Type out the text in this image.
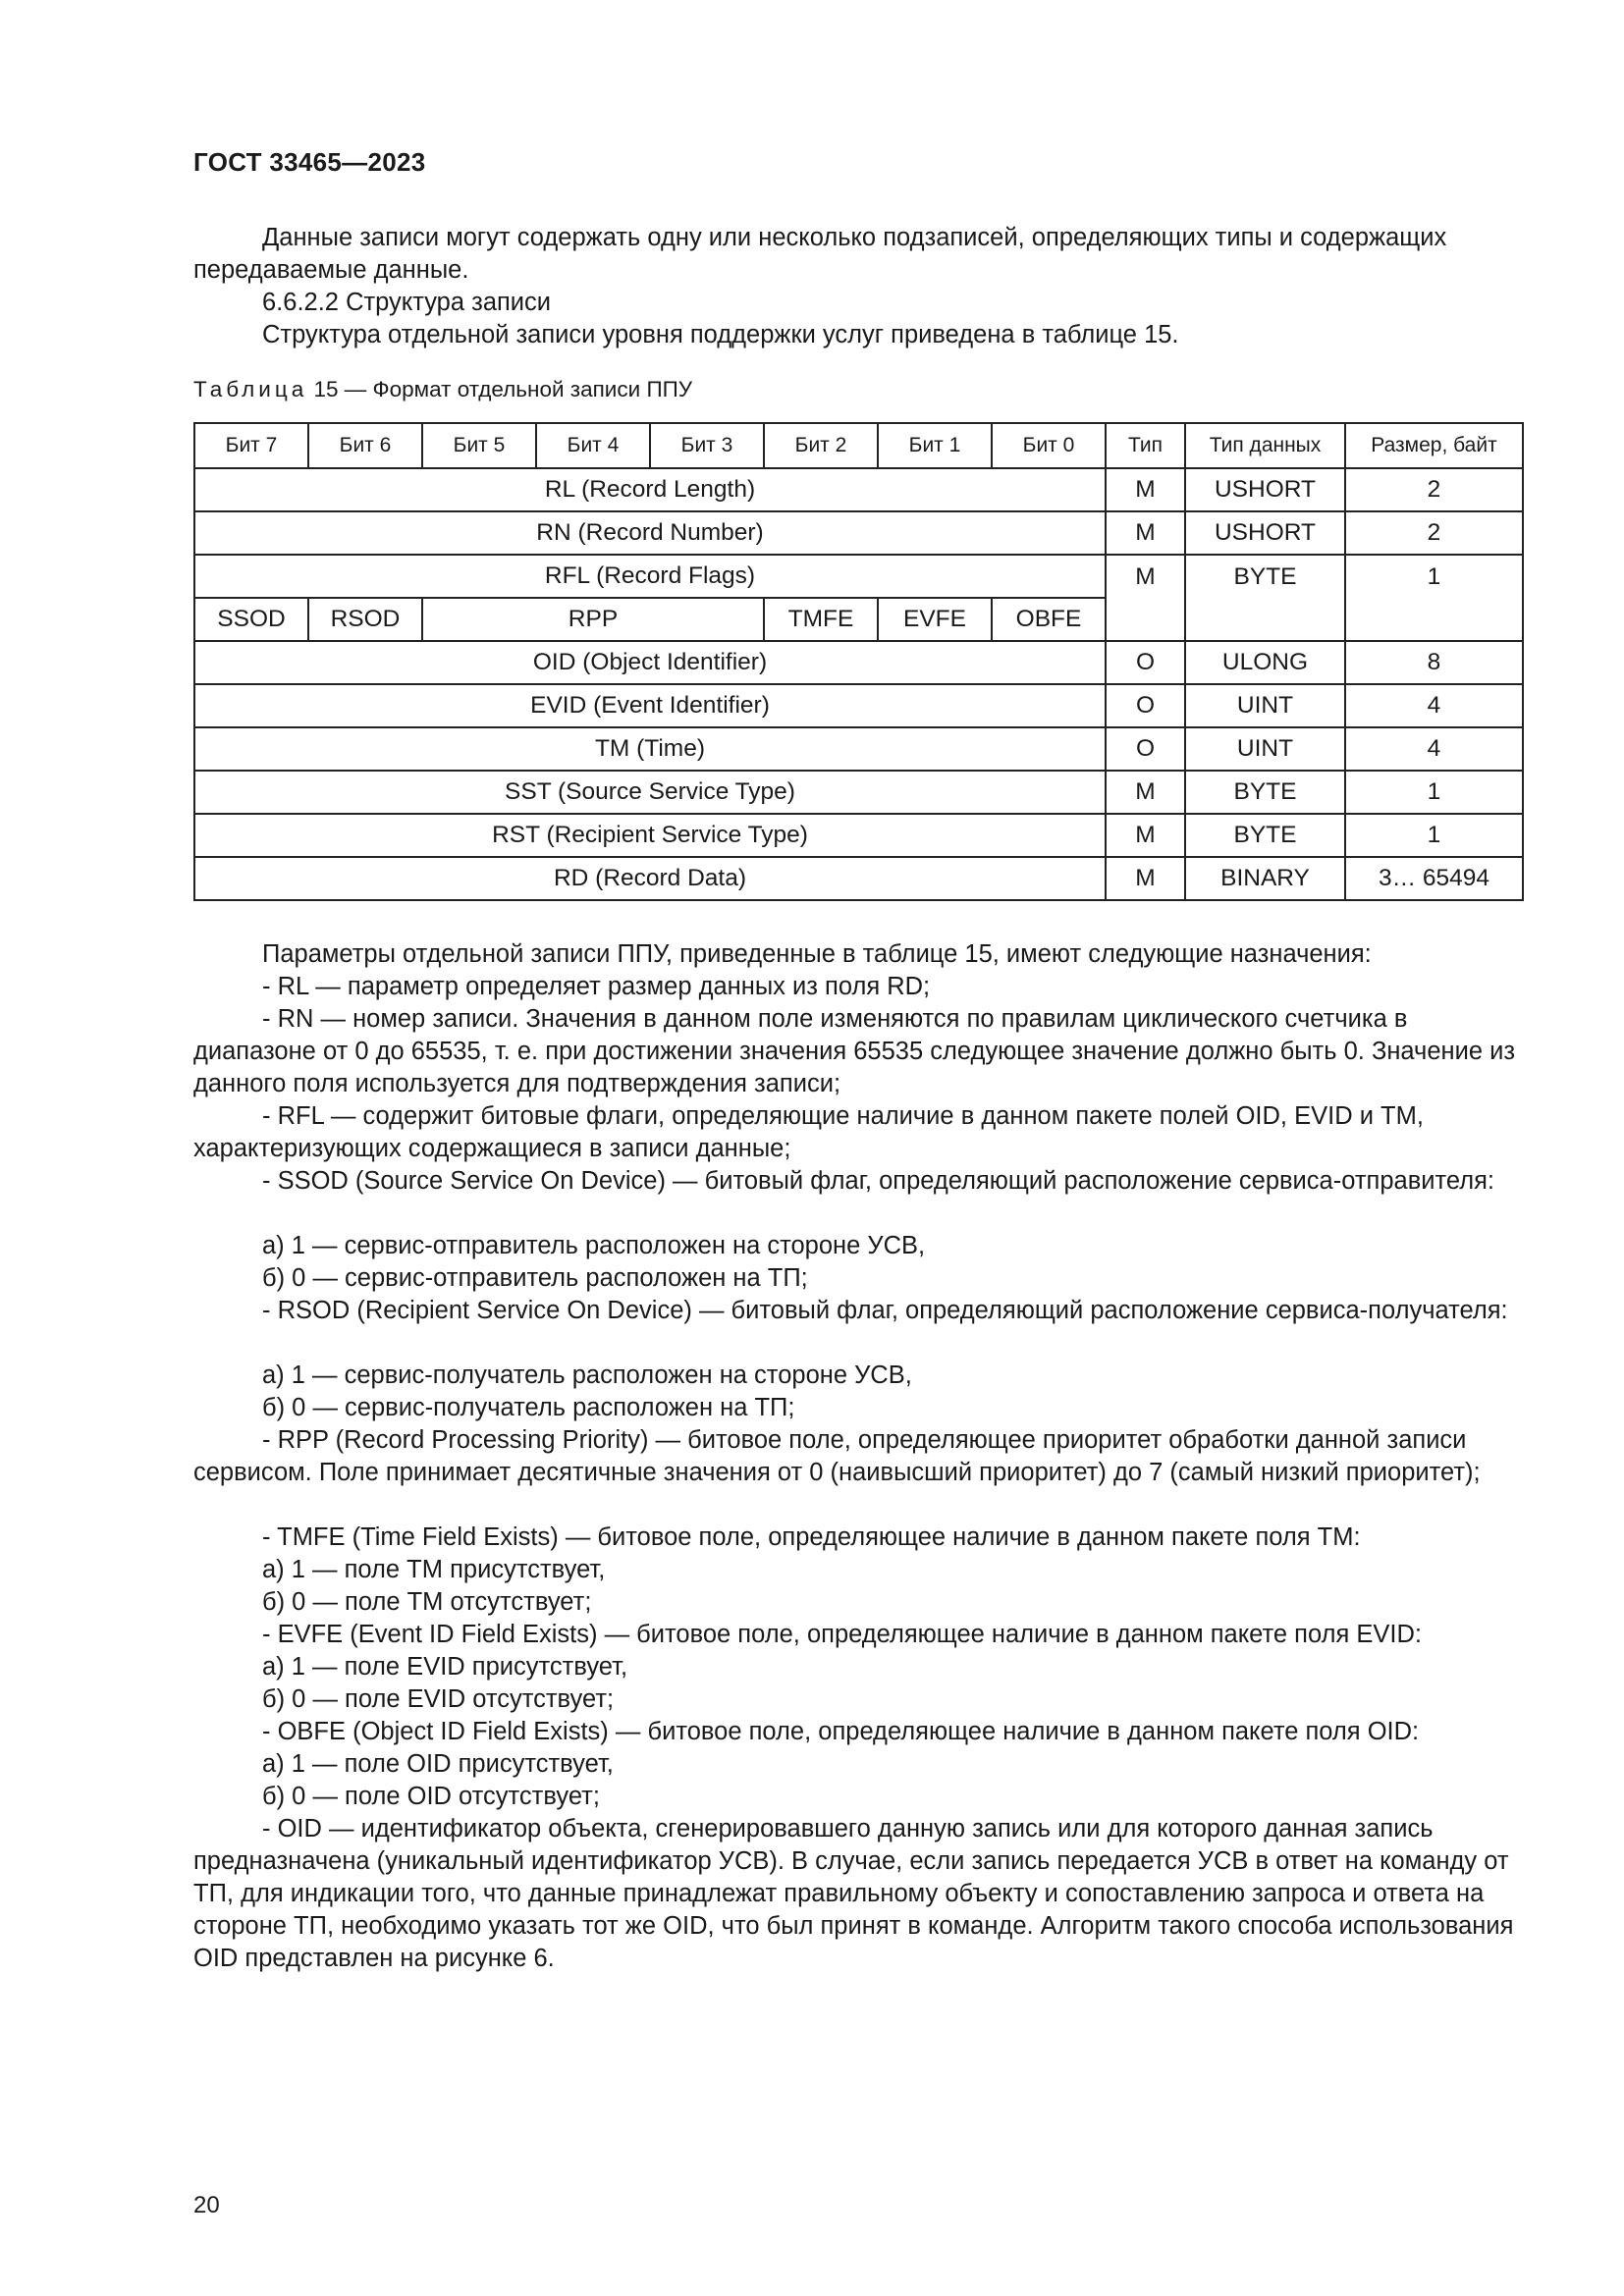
ГОСТ 33465—2023

Данные записи могут содержать одну или несколько подзаписей, определяющих типы и содержащих передаваемые данные.

6.6.2.2 Структура записи

Структура отдельной записи уровня поддержки услуг приведена в таблице 15.

Таблица 15 — Формат отдельной записи ППУ
Бит 7	Бит 6	Бит 5	Бит 4	Бит 3	Бит 2	Бит 1	Бит 0	Тип	Тип данных	Размер, байт
RL (Record Length)								M	USHORT	2
RN (Record Number)								M	USHORT	2
RFL (Record Flags)								M	BYTE	1
SSOD	RSOD	RPP			TMFE	EVFE	OBFE			
OID (Object Identifier)								O	ULONG	8
EVID (Event Identifier)								O	UINT	4
TM (Time)								O	UINT	4
SST (Source Service Type)								M	BYTE	1
RST (Recipient Service Type)								M	BYTE	1
RD (Record Data)								M	BINARY	3… 65494

Параметры отдельной записи ППУ, приведенные в таблице 15, имеют следующие назначения:

- RL — параметр определяет размер данных из поля RD;

- RN — номер записи. Значения в данном поле изменяются по правилам циклического счетчика в диапазоне от 0 до 65535, т. е. при достижении значения 65535 следующее значение должно быть 0. Значение из данного поля используется для подтверждения записи;

- RFL — содержит битовые флаги, определяющие наличие в данном пакете полей OID, EVID и TM, характеризующих содержащиеся в записи данные;

- SSOD (Source Service On Device) — битовый флаг, определяющий расположение сервиса-отправителя:

а) 1 — сервис-отправитель расположен на стороне УСВ,

б) 0 — сервис-отправитель расположен на ТП;

- RSOD (Recipient Service On Device) — битовый флаг, определяющий расположение сервиса-получателя:

а) 1 — сервис-получатель расположен на стороне УСВ,

б) 0 — сервис-получатель расположен на ТП;

- RPP (Record Processing Priority) — битовое поле, определяющее приоритет обработки данной записи сервисом. Поле принимает десятичные значения от 0 (наивысший приоритет) до 7 (самый низкий приоритет);

- TMFE (Time Field Exists) — битовое поле, определяющее наличие в данном пакете поля TM:

а) 1 — поле TM присутствует,

б) 0 — поле TM отсутствует;

- EVFE (Event ID Field Exists) — битовое поле, определяющее наличие в данном пакете поля EVID:

а) 1 — поле EVID присутствует,

б) 0 — поле EVID отсутствует;

- OBFE (Object ID Field Exists) — битовое поле, определяющее наличие в данном пакете поля OID:

а) 1 — поле OID присутствует,

б) 0 — поле OID отсутствует;

- OID — идентификатор объекта, сгенерировавшего данную запись или для которого данная запись предназначена (уникальный идентификатор УСВ). В случае, если запись передается УСВ в ответ на команду от ТП, для индикации того, что данные принадлежат правильному объекту и сопоставлению запроса и ответа на стороне ТП, необходимо указать тот же OID, что был принят в команде. Алгоритм такого способа использования OID представлен на рисунке 6.

20
